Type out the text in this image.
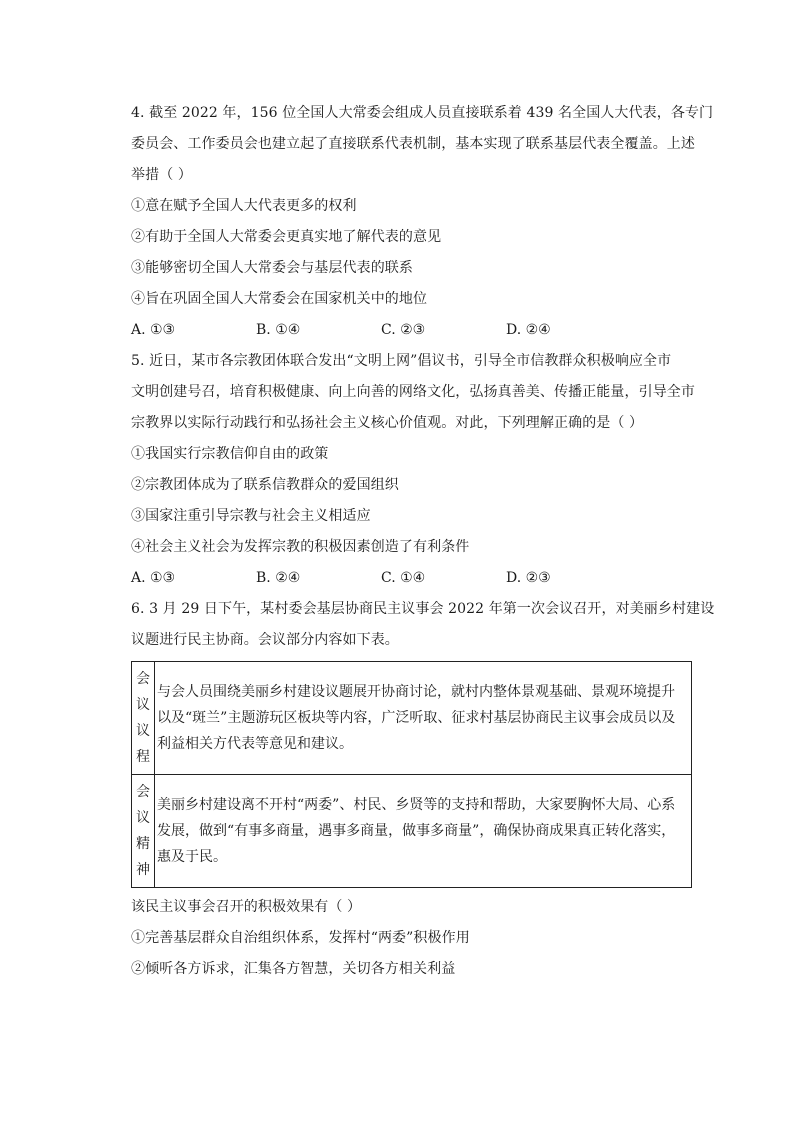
4. 截至 2022 年，156 位全国人大常委会组成人员直接联系着 439 名全国人大代表，各专门
委员会、工作委员会也建立起了直接联系代表机制，基本实现了联系基层代表全覆盖。上述
举措（ ）
①意在赋予全国人大代表更多的权利
②有助于全国人大常委会更真实地了解代表的意见
③能够密切全国人大常委会与基层代表的联系
④旨在巩固全国人大常委会在国家机关中的地位
A. ①③	B. ①④	C. ②③	D. ②④
5. 近日，某市各宗教团体联合发出“文明上网”倡议书，引导全市信教群众积极响应全市
文明创建号召，培育积极健康、向上向善的网络文化，弘扬真善美、传播正能量，引导全市
宗教界以实际行动践行和弘扬社会主义核心价值观。对此，下列理解正确的是（ ）
①我国实行宗教信仰自由的政策
②宗教团体成为了联系信教群众的爱国组织
③国家注重引导宗教与社会主义相适应
④社会主义社会为发挥宗教的积极因素创造了有利条件
A. ①③	B. ②④	C. ①④	D. ②③
6. 3 月 29 日下午，某村委会基层协商民主议事会 2022 年第一次会议召开，对美丽乡村建设
议题进行民主协商。会议部分内容如下表。
会
议
议
程	与会人员围绕美丽乡村建设议题展开协商讨论，就村内整体景观基础、景观环境提升以及“斑兰”主题游玩区板块等内容，广泛听取、征求村基层协商民主议事会成员以及利益相关方代表等意见和建议。

会
议
精
神	美丽乡村建设离不开村“两委”、村民、乡贤等的支持和帮助，大家要胸怀大局、心系发展，做到“有事多商量，遇事多商量，做事多商量”，确保协商成果真正转化落实，惠及于民。
该民主议事会召开的积极效果有（ ）
①完善基层群众自治组织体系，发挥村“两委”积极作用
②倾听各方诉求，汇集各方智慧，关切各方相关利益
